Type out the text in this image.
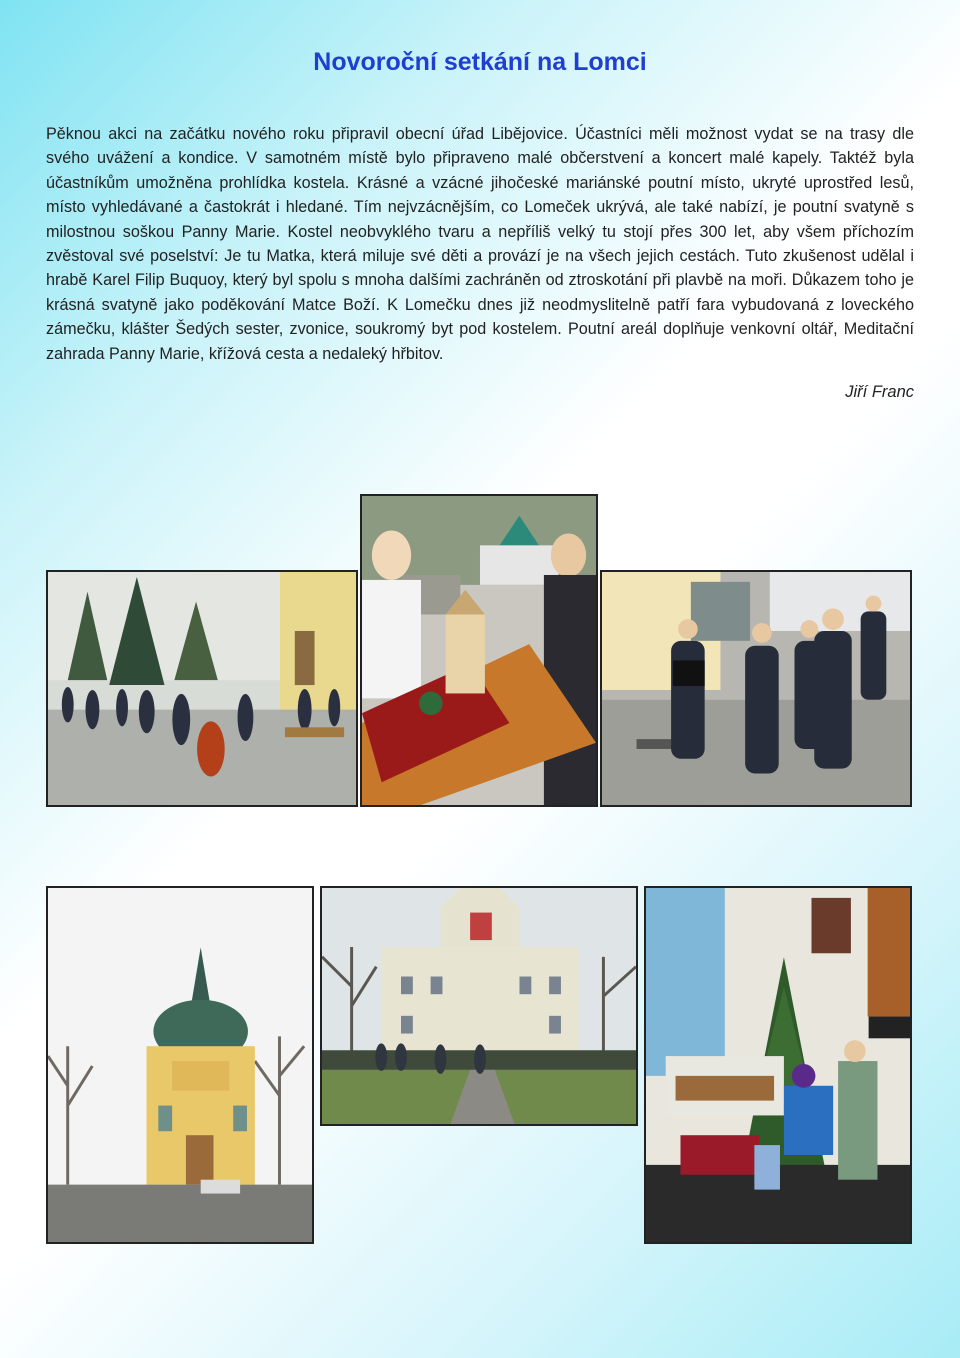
Novoroční setkání na Lomci

Pěknou akci na začátku nového roku připravil obecní úřad Libějovice. Účastníci měli možnost vydat se na trasy dle svého uvážení a kondice. V samotném místě bylo připraveno malé občerstvení a koncert malé kapely. Taktéž byla účastníkům umožněna prohlídka kostela. Krásné a vzácné jihočeské mariánské poutní místo, ukryté uprostřed lesů, místo vyhledávané a častokrát i hledané. Tím nejvzácnějším, co Lomeček ukrývá, ale také nabízí, je poutní svatyně s milostnou soškou Panny Marie. Kostel neobvyklého tvaru a nepříliš velký tu stojí přes 300 let, aby všem příchozím zvěstoval své poselství: Je tu Matka, která miluje své děti a provází je na všech jejich cestách. Tuto zkušenost udělal i hrabě Karel Filip Buquoy, který byl spolu s mnoha dalšími zachráněn od ztroskotání při plavbě na moři. Důkazem toho je krásná svatyně jako poděkování Matce Boží. K Lomečku dnes již neodmyslitelně patří fara vybudovaná z loveckého zámečku, klášter Šedých sester, zvonice, soukromý byt pod kostelem. Poutní areál doplňuje venkovní oltář, Meditační zahrada Panny Marie, křížová cesta a nedaleký hřbitov.

Jiří Franc
